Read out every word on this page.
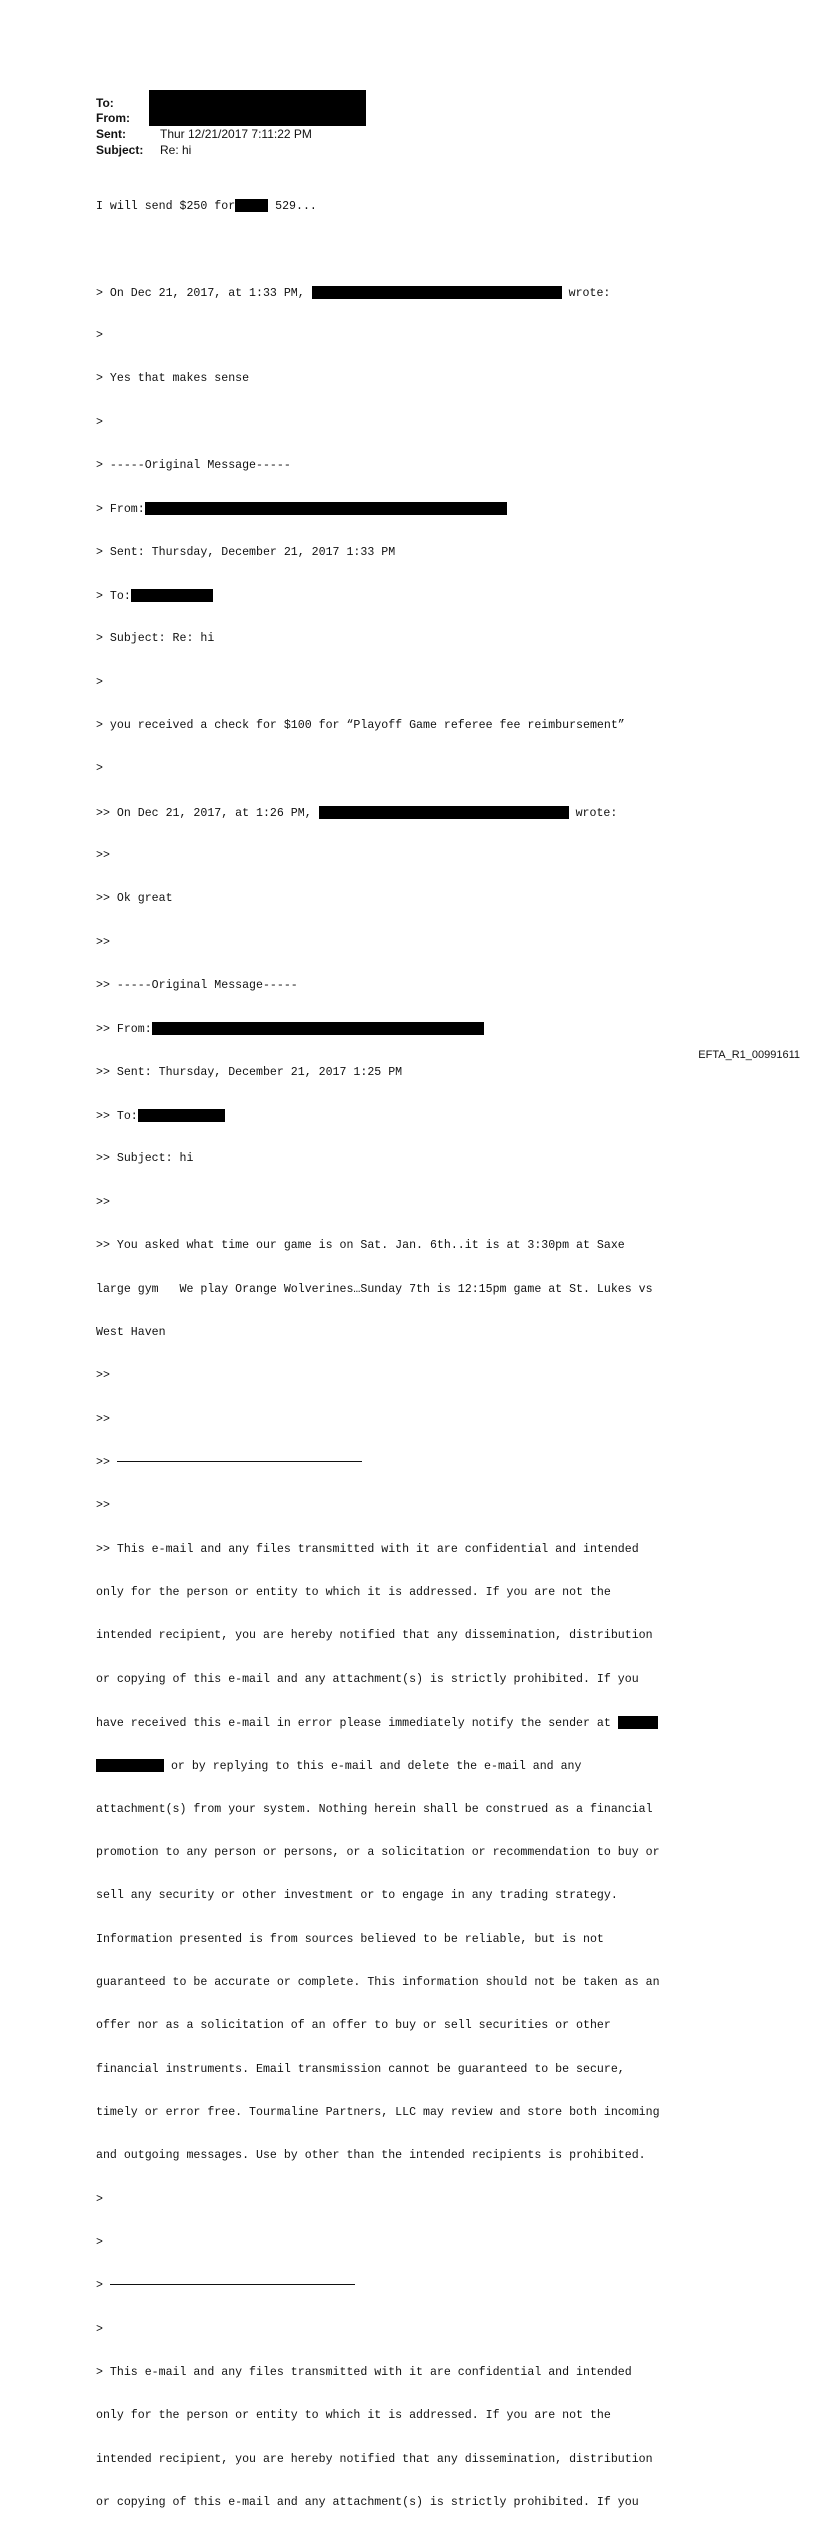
To:
From:
Sent:	Thur 12/21/2017 7:11:22 PM
Subject: Re: hi

I will send $250 for	529...

> On Dec 21, 2017, at 1:33 PM,	wrote:

>

> Yes that makes sense

>

> -----Original Message-----

> From:

> Sent: Thursday, December 21, 2017 1:33 PM

> To:

> Subject: Re: hi

>

> you received a check for $100 for “Playoff Game referee fee reimbursement”

>

>> On Dec 21, 2017, at 1:26 PM,	wrote:

>>

>> Ok great

>>

>> -----Original Message-----

>> From:

>> Sent: Thursday, December 21, 2017 1:25 PM

>> To:

>> Subject: hi

>>

>> You asked what time our game is on Sat. Jan. 6th..it is at 3:30pm at Saxe

large gym   We play Orange Wolverines…Sunday 7th is 12:15pm game at St. Lukes vs

West Haven

>>

>>

>>

>>

>> This e-mail and any files transmitted with it are confidential and intended

only for the person or entity to which it is addressed. If you are not the

intended recipient, you are hereby notified that any dissemination, distribution

or copying of this e-mail and any attachment(s) is strictly prohibited. If you

have received this e-mail in error please immediately notify the sender at

or by replying to this e-mail and delete the e-mail and any

attachment(s) from your system. Nothing herein shall be construed as a financial

promotion to any person or persons, or a solicitation or recommendation to buy or

sell any security or other investment or to engage in any trading strategy.

Information presented is from sources believed to be reliable, but is not

guaranteed to be accurate or complete. This information should not be taken as an

offer nor as a solicitation of an offer to buy or sell securities or other

financial instruments. Email transmission cannot be guaranteed to be secure,

timely or error free. Tourmaline Partners, LLC may review and store both incoming

and outgoing messages. Use by other than the intended recipients is prohibited.

>

>

>

>

> This e-mail and any files transmitted with it are confidential and intended

only for the person or entity to which it is addressed. If you are not the

intended recipient, you are hereby notified that any dissemination, distribution

or copying of this e-mail and any attachment(s) is strictly prohibited. If you

EFTA_R1_00991611
